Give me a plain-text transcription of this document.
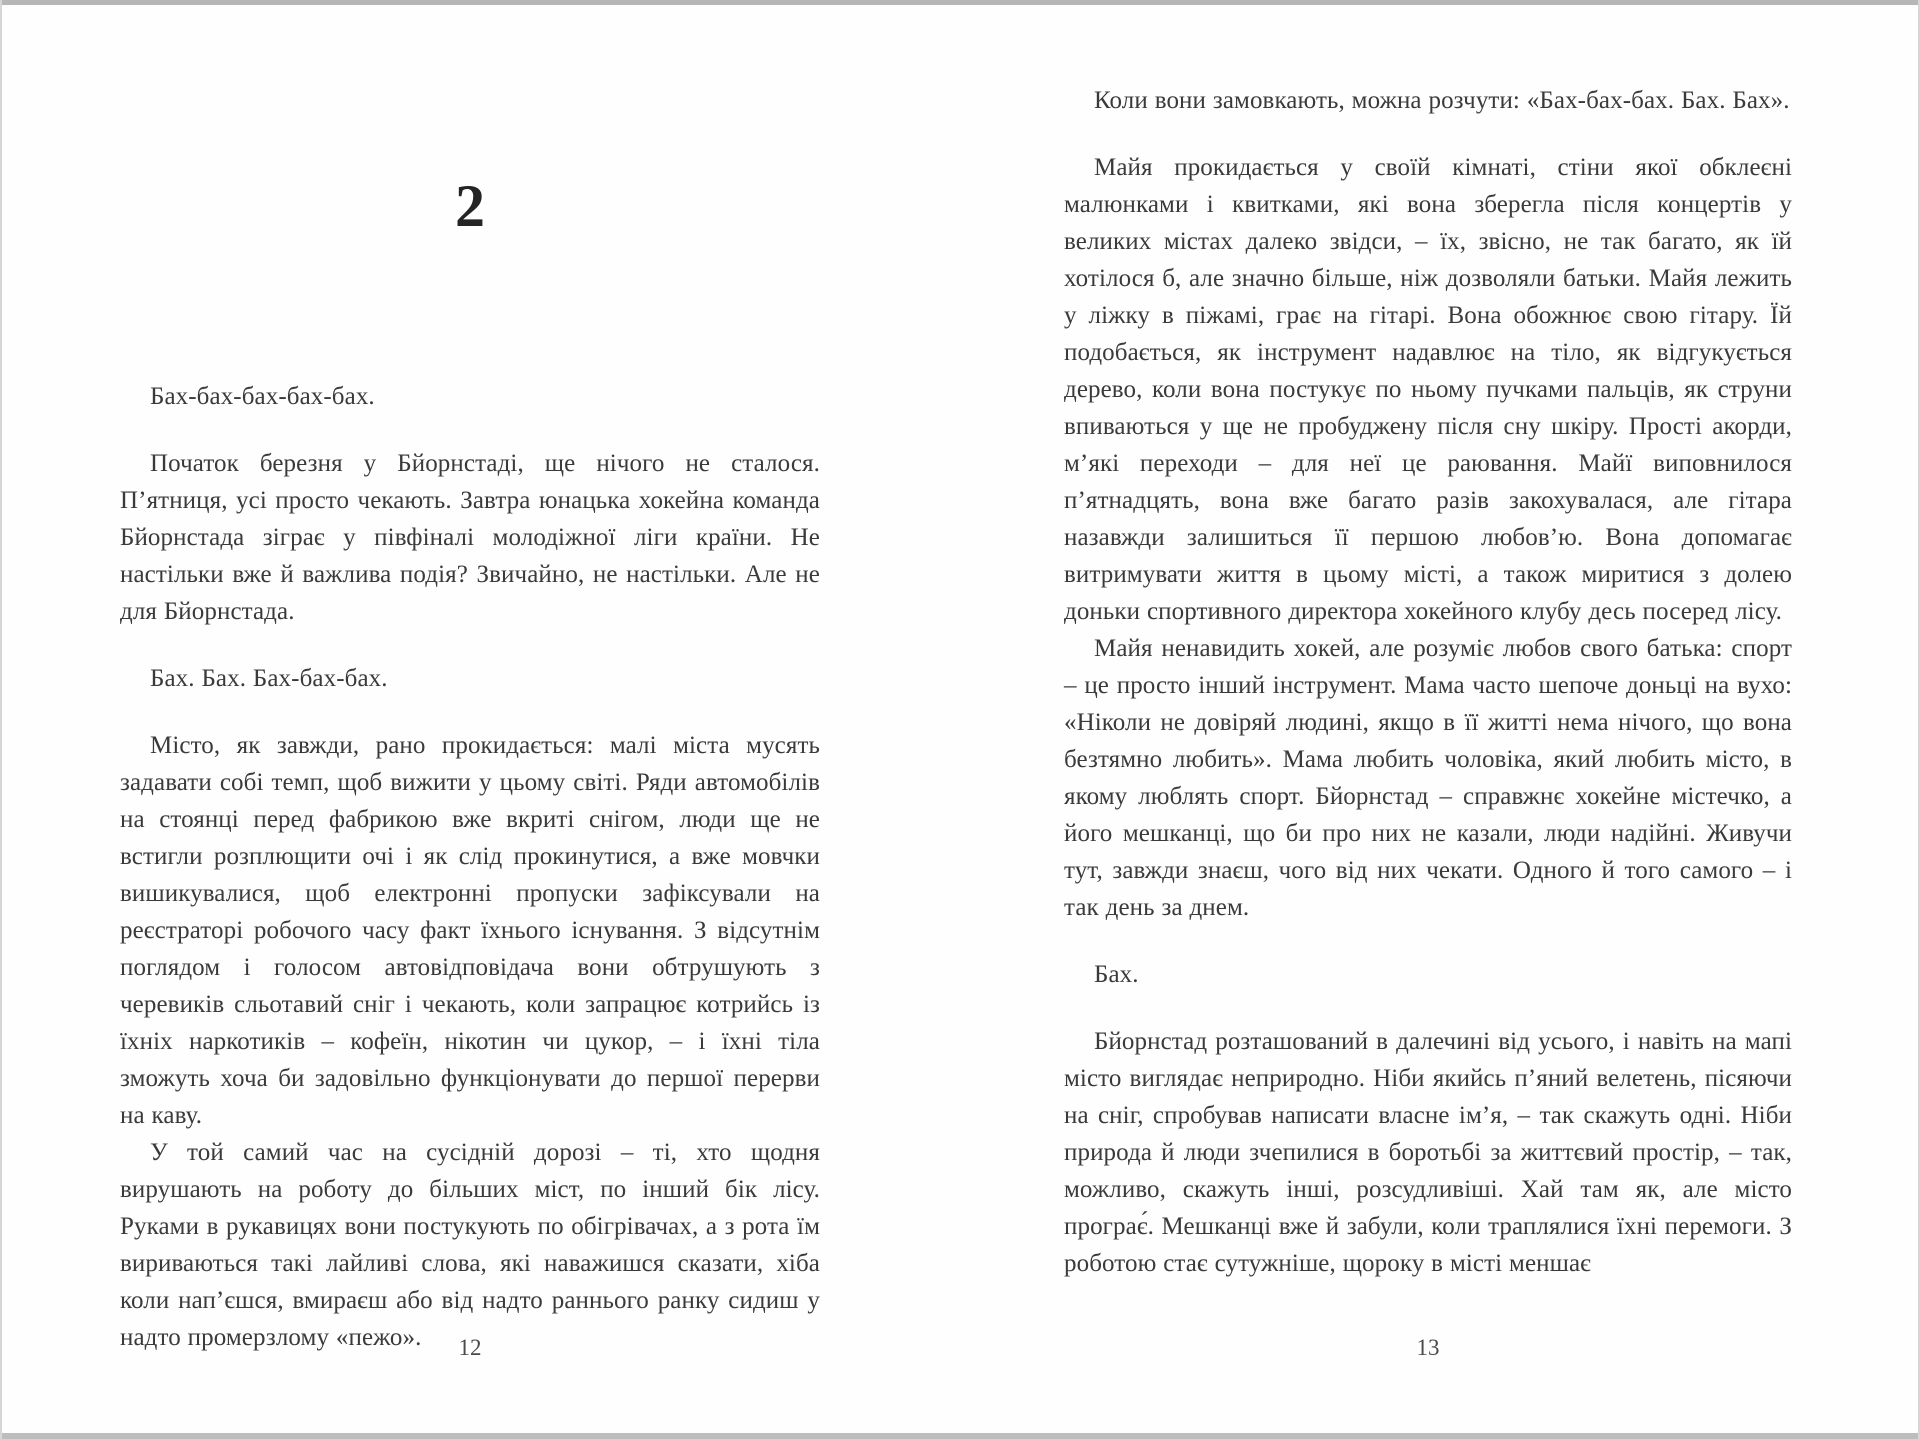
2

Бах-бах-бах-бах-бах.

Початок березня у Бйорнстаді, ще нічого не сталося. П’ятниця, усі просто чекають. Завтра юнацька хокейна команда Бйорнстада зіграє у півфіналі молодіжної ліги країни. Не настільки вже й важлива подія? Звичайно, не настільки. Але не для Бйорнстада.

Бах. Бах. Бах-бах-бах.

Місто, як завжди, рано прокидається: малі міста мусять задавати собі темп, щоб вижити у цьому світі. Ряди автомобілів на стоянці перед фабрикою вже вкриті снігом, люди ще не встигли розплющити очі і як слід прокинутися, а вже мовчки вишикувалися, щоб електронні пропуски зафіксували на реєстраторі робочого часу факт їхнього існування. З відсутнім поглядом і голосом автовідповідача вони обтрушують з черевиків сльотавий сніг і чекають, коли запрацює котрийсь із їхніх наркотиків – кофеїн, нікотин чи цукор, – і їхні тіла зможуть хоча би задовільно функціонувати до першої перерви на каву.

У той самий час на сусідній дорозі – ті, хто щодня вирушають на роботу до більших міст, по інший бік лісу. Руками в рукавицях вони постукують по обігрівачах, а з рота їм вириваються такі лайливі слова, які наважишся сказати, хіба коли нап’єшся, вмираєш або від надто раннього ранку сидиш у надто промерзлому «пежо».

Коли вони замовкають, можна розчути: «Бах-бах-бах. Бах. Бах».

Майя прокидається у своїй кімнаті, стіни якої обклеєні малюнками і квитками, які вона зберегла після концертів у великих містах далеко звідси, – їх, звісно, не так багато, як їй хотілося б, але значно більше, ніж дозволяли батьки. Майя лежить у ліжку в піжамі, грає на гітарі. Вона обожнює свою гітару. Їй подобається, як інструмент надавлює на тіло, як відгукується дерево, коли вона постукує по ньому пучками пальців, як струни впиваються у ще не пробуджену після сну шкіру. Прості акорди, м’які переходи – для неї це раювання. Майї виповнилося п’ятнадцять, вона вже багато разів закохувалася, але гітара назавжди залишиться її першою любов’ю. Вона допомагає витримувати життя в цьому місті, а також миритися з долею доньки спортивного директора хокейного клубу десь посеред лісу.

Майя ненавидить хокей, але розуміє любов свого батька: спорт – це просто інший інструмент. Мама часто шепоче доньці на вухо: «Ніколи не довіряй людині, якщо в її житті нема нічого, що вона безтямно любить». Мама любить чоловіка, який любить місто, в якому люблять спорт. Бйорнстад – справжнє хокейне містечко, а його мешканці, що би про них не казали, люди надійні. Живучи тут, завжди знаєш, чого від них чекати. Одного й того самого – і так день за днем.

Бах.

Бйорнстад розташований в далечині від усього, і навіть на мапі місто виглядає неприродно. Ніби якийсь п’яний велетень, пісяючи на сніг, спробував написати власне ім’я, – так скажуть одні. Ніби природа й люди зчепилися в боротьбі за життєвий простір, – так, можливо, скажуть інші, розсудливіші. Хай там як, але місто програє́. Мешканці вже й забули, коли траплялися їхні перемоги. З роботою стає сутужніше, щороку в місті меншає

12	13
